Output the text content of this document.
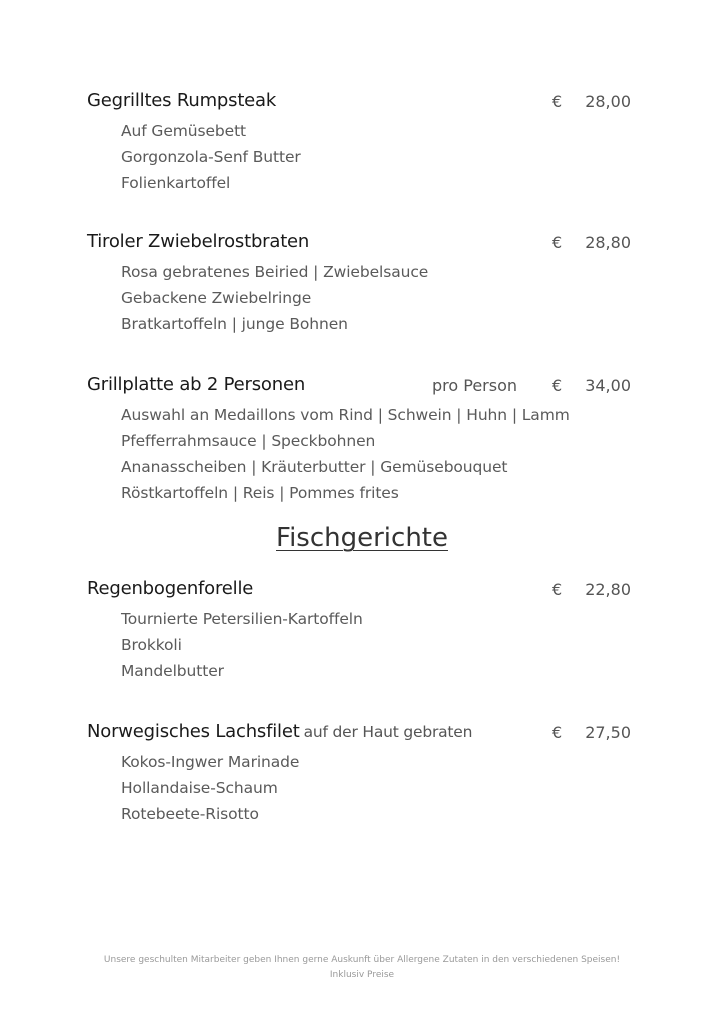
Gegrilltes Rumpsteak	€ 28,00
Auf Gemüsebett
Gorgonzola-Senf Butter
Folienkartoffel
Tiroler Zwiebelrostbraten	€ 28,80
Rosa gebratenes Beiried | Zwiebelsauce
Gebackene Zwiebelringe
Bratkartoffeln | junge Bohnen
Grillplatte ab 2 Personen	pro Person € 34,00
Auswahl an Medaillons vom Rind | Schwein | Huhn | Lamm
Pfefferrahmsauce | Speckbohnen
Ananasscheiben | Kräuterbutter | Gemüsebouquet
Röstkartoffeln | Reis | Pommes frites
Fischgerichte
Regenbogenforelle	€ 22,80
Tournierte Petersilien-Kartoffeln
Brokkoli
Mandelbutter
Norwegisches Lachsfilet auf der Haut gebraten	€ 27,50
Kokos-Ingwer Marinade
Hollandaise-Schaum
Rotebeete-Risotto
Unsere geschulten Mitarbeiter geben Ihnen gerne Auskunft über Allergene Zutaten in den verschiedenen Speisen!
Inklusiv Preise
